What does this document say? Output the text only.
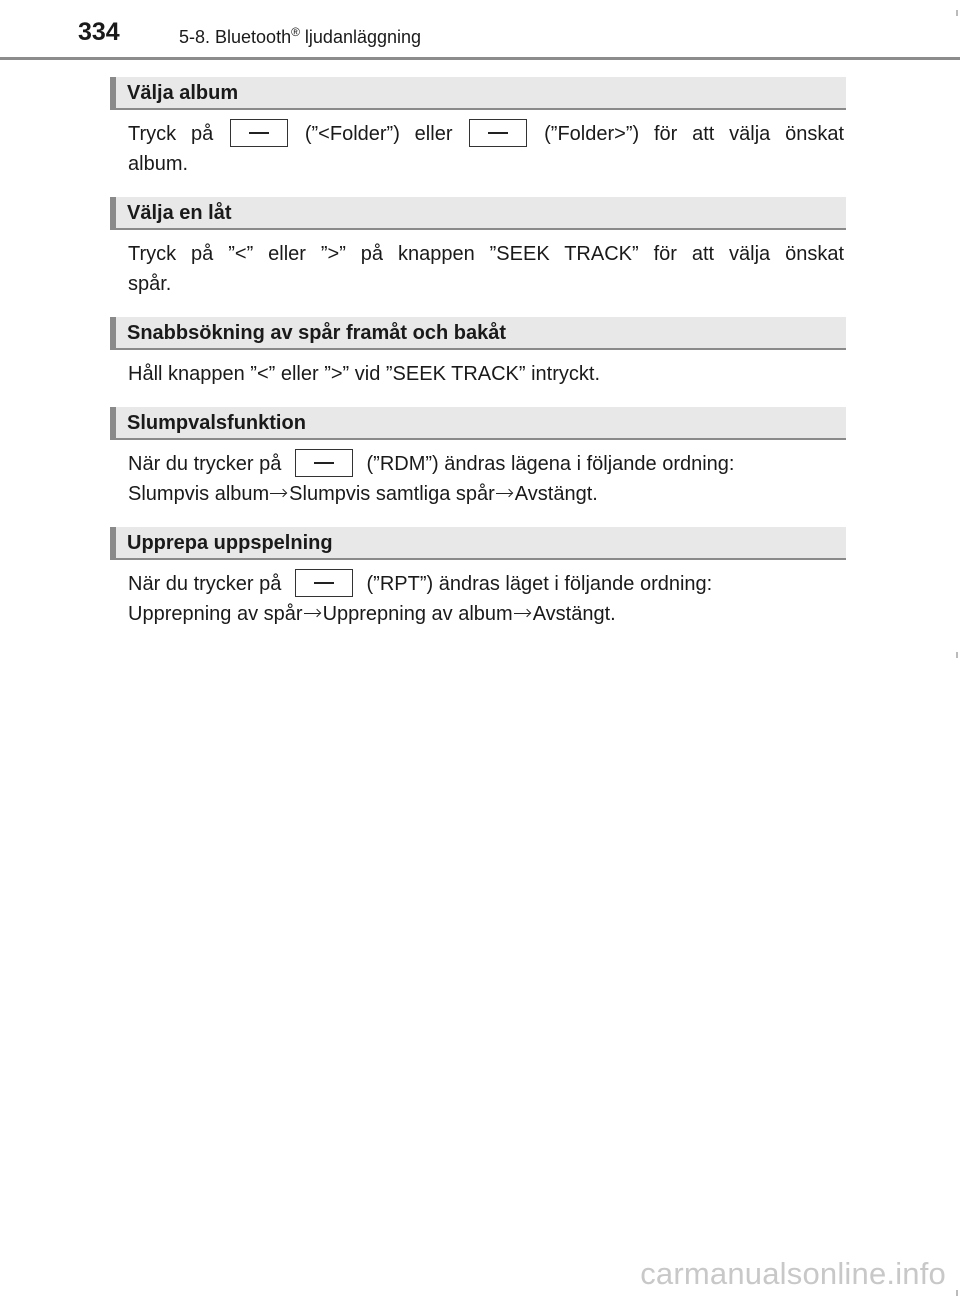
334	5-8. Bluetooth® ljudanläggning
Välja album

Tryck på	(”<Folder”) eller	(”Folder>”) för att välja önskat

album.

Välja en låt

Tryck på ”<” eller ”>” på knappen ”SEEK TRACK” för att välja önskat

spår.

Snabbsökning av spår framåt och bakåt

Håll knappen ”<” eller ”>” vid ”SEEK TRACK” intryckt.

Slumpvalsfunktion

När du trycker på	(”RDM”) ändras lägena i följande ordning:

Slumpvis album Slumpvis samtliga spår Avstängt.

Upprepa uppspelning

När du trycker på	(”RPT”) ändras läget i följande ordning:

Upprepning av spår Upprepning av album Avstängt.

carmanualsonline.info
